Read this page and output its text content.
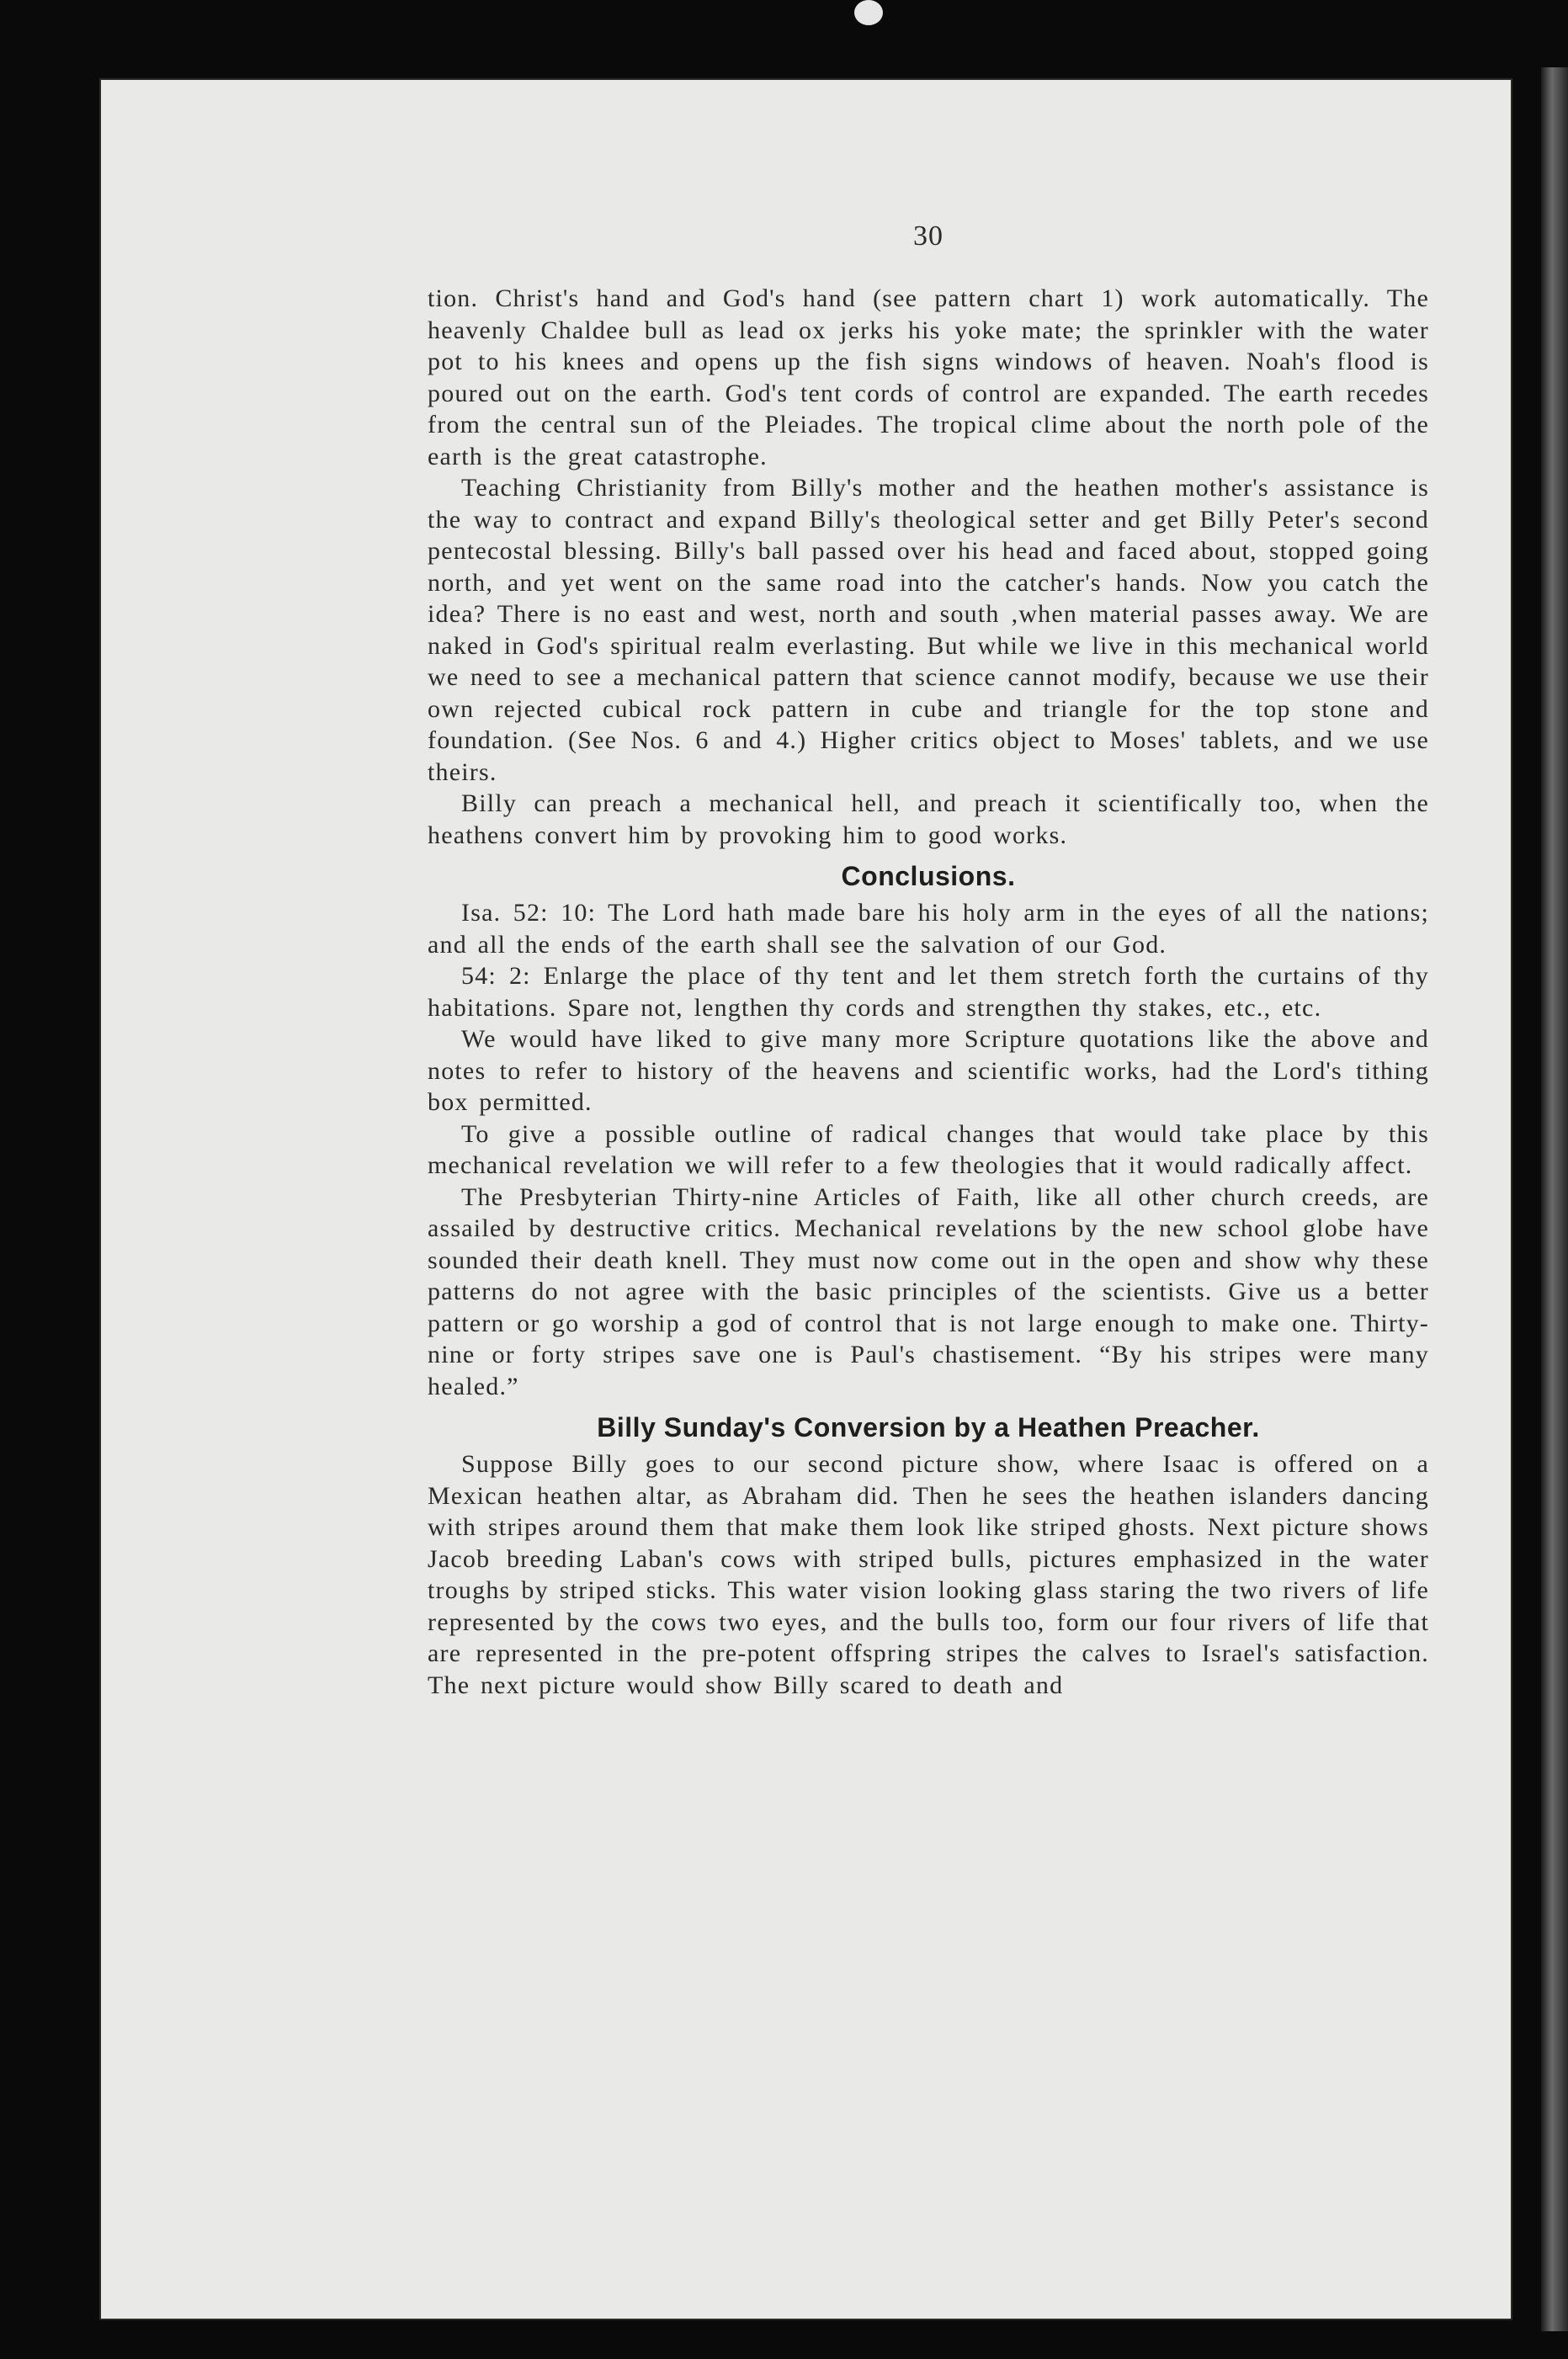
30

tion. Christ's hand and God's hand (see pattern chart 1) work automatically. The heavenly Chaldee bull as lead ox jerks his yoke mate; the sprinkler with the water pot to his knees and opens up the fish signs windows of heaven. Noah's flood is poured out on the earth. God's tent cords of control are expanded. The earth recedes from the central sun of the Pleiades. The tropical clime about the north pole of the earth is the great catastrophe.

Teaching Christianity from Billy's mother and the heathen mother's assistance is the way to contract and expand Billy's theological setter and get Billy Peter's second pentecostal blessing. Billy's ball passed over his head and faced about, stopped going north, and yet went on the same road into the catcher's hands. Now you catch the idea? There is no east and west, north and south ,when material passes away. We are naked in God's spiritual realm everlasting. But while we live in this mechanical world we need to see a mechanical pattern that science cannot modify, because we use their own rejected cubical rock pattern in cube and triangle for the top stone and foundation. (See Nos. 6 and 4.) Higher critics object to Moses' tablets, and we use theirs.

Billy can preach a mechanical hell, and preach it scientifically too, when the heathens convert him by provoking him to good works.

Conclusions.

Isa. 52: 10: The Lord hath made bare his holy arm in the eyes of all the nations; and all the ends of the earth shall see the salvation of our God.

54: 2: Enlarge the place of thy tent and let them stretch forth the curtains of thy habitations. Spare not, lengthen thy cords and strengthen thy stakes, etc., etc.

We would have liked to give many more Scripture quotations like the above and notes to refer to history of the heavens and scientific works, had the Lord's tithing box permitted.

To give a possible outline of radical changes that would take place by this mechanical revelation we will refer to a few theologies that it would radically affect.

The Presbyterian Thirty-nine Articles of Faith, like all other church creeds, are assailed by destructive critics. Mechanical revelations by the new school globe have sounded their death knell. They must now come out in the open and show why these patterns do not agree with the basic principles of the scientists. Give us a better pattern or go worship a god of control that is not large enough to make one. Thirty-nine or forty stripes save one is Paul's chastisement. “By his stripes were many healed.”

Billy Sunday's Conversion by a Heathen Preacher.

Suppose Billy goes to our second picture show, where Isaac is offered on a Mexican heathen altar, as Abraham did. Then he sees the heathen islanders dancing with stripes around them that make them look like striped ghosts. Next picture shows Jacob breeding Laban's cows with striped bulls, pictures emphasized in the water troughs by striped sticks. This water vision looking glass staring the two rivers of life represented by the cows two eyes, and the bulls too, form our four rivers of life that are represented in the pre-potent offspring stripes the calves to Israel's satisfaction. The next picture would show Billy scared to death and
